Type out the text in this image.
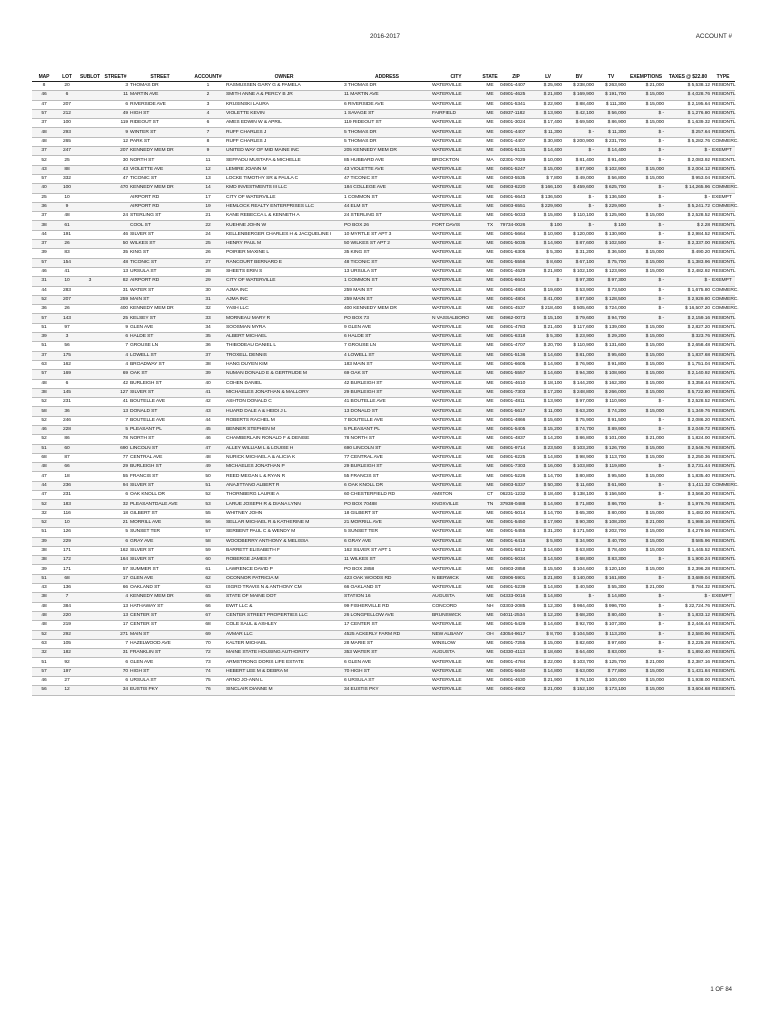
2016-2017	ACCOUNT #
MAP	LOT	SUBLOT	STREET#	STREET	ACCOUNT#	OWNER	ADDRESS	CITY	STATE	ZIP	LV	BV	TV	EXEMPTIONS	TAXES @ $22.80	TYPE
8	20		3	THOMAS DR	1	RASMUSSEN GARY G & PAMELA	3 THOMAS DR	WATERVILLE	ME	04901-4407	$ 25,900	$ 238,000	$ 263,900	$ 21,000	$ 5,538.12	RESIDNTL
46	6		11	MARTIN AVE	2	SMITH ANNE A & PERCY B JR	11 MARTIN AVE	WATERVILLE	ME	04901-4625	$ 21,800	$ 169,900	$ 191,700	$ 15,000	$ 4,028.76	RESIDNTL
47	207		6	RIVERSIDE AVE	3	KRUSINSKI LAURA	6 RIVERSIDE AVE	WATERVILLE	ME	04901-5341	$ 22,900	$ 88,400	$ 111,300	$ 15,000	$ 2,195.64	RESIDNTL
57	212		49	HIGH ST	4	VIOLETTE KEVIN	1 SAVAGE ST	FAIRFIELD	ME	04937-1182	$ 13,900	$ 42,100	$ 56,000	$ -	$ 1,276.80	RESIDNTL
37	100		119	RIDEOUT ST	6	AMES EDWIN W & APRIL	119 RIDEOUT ST	WATERVILLE	ME	04901-3024	$ 17,400	$ 69,500	$ 86,900	$ 15,000	$ 1,639.32	RESIDNTL
48	293		9	WINTER ST	7	RUFF CHARLES J	5 THOMAS DR	WATERVILLE	ME	04901-4407	$ 11,300	$ -	$ 11,300	$ -	$ 257.64	RESIDNTL
48	265		12	PARK ST	8	RUFF CHARLES J	5 THOMAS DR	WATERVILLE	ME	04901-4407	$ 30,800	$ 200,900	$ 231,700	$ -	$ 5,282.76	COMMERC.
37	247		207	KENNEDY MEM DR	9	UNITED WAY OF MID MAINE INC	205 KENNEDY MEM DR	WATERVILLE	ME	04901-5131	$ 14,400	$ -	$ 14,400	$ -	$ -	EXEMPT
52	25		30	NORTH ST	11	SEFFADU MUSTAFA & MICHELLE	85 HUBBARD AVE	BROCKTON	MA	02301-7029	$ 10,000	$ 81,400	$ 91,400	$ -	$ 2,083.92	RESIDNTL
43	88		43	VIOLETTE AVE	12	LEMIRE JOANN M	43 VIOLETTE AVE	WATERVILLE	ME	04901-5247	$ 15,000	$ 87,900	$ 102,900	$ 15,000	$ 2,004.12	RESIDNTL
57	332		47	TICONIC ST	13	LOCKE TIMOTHY SR & PAULA C	47 TICONIC ST	WATERVILLE	ME	04903-5535	$ 7,800	$ 49,000	$ 56,800	$ 15,000	$ 953.04	RESIDNTL
40	100		470	KENNEDY MEM DR	14	KMD INVESTMENTS III LLC	184 COLLEGE AVE	WATERVILLE	ME	04903-6220	$ 166,100	$ 459,600	$ 625,700	$ -	$ 14,265.96	COMMERC.
25	10			AIRPORT RD	17	CITY OF WATERVILLE	1 COMMON ST	WATERVILLE	ME	04901-6643	$ 136,500	$ -	$ 136,500	$ -	$ -	EXEMPT
36	9			AIRPORT RD	19	HEMLOCK REALTY ENTERPRISES LLC	44 ELM ST	WATERVILLE	ME	04903-6551	$ 229,900	$ -	$ 229,900	$ -	$ 5,241.72	COMMERC.
37	48		24	STERLING ST	21	KANE REBECCA L & KENNETH A	24 STERLING ST	WATERVILLE	ME	04901-5033	$ 15,800	$ 110,100	$ 125,900	$ 15,000	$ 2,528.52	RESIDNTL
38	61			COOL ST	22	KUEHNE JOHN W	PO BOX 26	FORT DAVIS	TX	79734-0026	$ 100	$ -	$ 100	$ -	$ 2.28	RESIDNTL
44	191		46	SILVER ST	24	KELLENBERGER CHARLES H & JACQUELINE I	10 MYRTLE ST APT 3	WATERVILLE	ME	04901-5664	$ 10,900	$ 120,000	$ 130,900	$ -	$ 2,984.52	RESIDNTL
37	26		50	WILKES ST	25	HENRY PAUL M	50 WILKES ST APT 2	WATERVILLE	ME	04901-5035	$ 14,900	$ 87,600	$ 102,500	$ -	$ 2,337.00	RESIDNTL
39	83		35	KING ST	26	POIRIER MAXINE L	35 KING ST	WATERVILLE	ME	04901-6305	$ 5,300	$ 31,200	$ 36,500	$ 15,000	$ 490.20	RESIDNTL
57	154		48	TICONIC ST	27	RANCOURT BERNARD E	48 TICONIC ST	WATERVILLE	ME	04901-5556	$ 8,600	$ 67,100	$ 75,700	$ 15,000	$ 1,383.96	RESIDNTL
46	41		13	URSULA ST	28	SHEETS ERIN S	13 URSULA ST	WATERVILLE	ME	04901-4629	$ 21,800	$ 102,100	$ 123,900	$ 15,000	$ 2,482.92	RESIDNTL
31	10	3	82	AIRPORT RD	29	CITY OF WATERVILLE	1 COMMON ST	WATERVILLE	ME	04901-6643	$ -	$ 97,300	$ 97,300	$ -	$ -	EXEMPT
44	283		31	WATER ST	30	AJMA INC	259 MAIN ST	WATERVILLE	ME	04901-4804	$ 19,600	$ 53,900	$ 73,500	$ -	$ 1,675.80	COMMERC.
52	207		259	MAIN ST	31	AJMA INC	259 MAIN ST	WATERVILLE	ME	04901-4804	$ 41,000	$ 87,500	$ 128,500	$ -	$ 2,929.80	COMMERC.
36	26		400	KENNEDY MEM DR	32	YASH LLC	400 KENNEDY MEM DR	WATERVILLE	ME	04901-4537	$ 218,400	$ 505,600	$ 724,000	$ -	$ 16,507.20	COMMERC.
57	143		25	KELSEY ST	33	MORNEAU MARY R	PO BOX 73	N VASSALBORO	ME	04962-0073	$ 15,100	$ 79,600	$ 94,700	$ -	$ 2,159.16	RESIDNTL
51	97		9	GLEN AVE	34	SOOSMAN MYRA	9 GLEN AVE	WATERVILLE	ME	04901-4783	$ 21,400	$ 117,600	$ 139,000	$ 15,000	$ 2,827.20	RESIDNTL
39	3		6	HALDE ST	35	ALBERT MICHAEL	6 HALDE ST	WATERVILLE	ME	04901-6318	$ 5,300	$ 23,900	$ 29,200	$ 15,000	$ 323.76	RESIDNTL
51	56		7	GROUSE LN	36	THIBODEAU DANIEL L	7 GROUSE LN	WATERVILLE	ME	04901-4707	$ 20,700	$ 110,900	$ 131,600	$ 15,000	$ 2,658.48	RESIDNTL
37	175		4	LOWELL ST	37	TROXELL DENNIS	4 LOWELL ST	WATERVILLE	ME	04901-5136	$ 14,600	$ 81,000	$ 95,600	$ 15,000	$ 1,837.68	RESIDNTL
63	162		4	BROADWAY ST	38	HANG DUYEN KIM	183 MAIN ST	WATERVILLE	ME	04901-6605	$ 14,900	$ 76,900	$ 91,800	$ 15,000	$ 1,751.04	RESIDNTL
57	169		69	OAK ST	39	NUMAN DONALD E & GERTRUDE M	69 OAK ST	WATERVILLE	ME	04901-5557	$ 14,600	$ 94,300	$ 108,900	$ 15,000	$ 2,140.92	RESIDNTL
48	6		42	BURLEIGH ST	40	COHEN DANIEL	42 BURLEIGH ST	WATERVILLE	ME	04901-4610	$ 18,100	$ 144,200	$ 162,300	$ 15,000	$ 3,358.44	RESIDNTL
38	145		127	SILVER ST	41	MICHAELES JONATHAN & MALLORY	29 BURLEIGH ST	WATERVILLE	ME	04901-7303	$ 17,200	$ 248,800	$ 266,000	$ 15,000	$ 5,722.80	RESIDNTL
52	231		41	BOUTELLE AVE	42	ASHTON DONALD C	41 BOUTELLE AVE	WATERVILLE	ME	04901-4811	$ 13,900	$ 97,000	$ 110,900	$ -	$ 2,528.52	RESIDNTL
58	36		13	DONALD ST	43	HUARD DALE A & HEIDI J L	13 DONALD ST	WATERVILLE	ME	04901-5617	$ 11,000	$ 63,200	$ 74,200	$ 15,000	$ 1,349.76	RESIDNTL
52	246		7	BOUTELLE AVE	44	ROBERTS RACHEL M	7 BOUTELLE AVE	WATERVILLE	ME	04901-4866	$ 15,600	$ 75,900	$ 91,500	$ -	$ 2,086.20	RESIDNTL
46	228		5	PLEASANT PL	45	BENNER STEPHEN M	5 PLEASANT PL	WATERVILLE	ME	04901-5405	$ 15,200	$ 74,700	$ 89,900	$ -	$ 2,049.72	RESIDNTL
52	86		78	NORTH ST	46	CHAMBERLAIN RONALD F & DENISE	78 NORTH ST	WATERVILLE	ME	04901-4837	$ 14,200	$ 86,800	$ 101,000	$ 21,000	$ 1,824.00	RESIDNTL
51	60		690	LINCOLN ST	47	ALLEY WILLIAM L & LOUISE H	690 LINCOLN ST	WATERVILLE	ME	04901-9714	$ 23,500	$ 103,200	$ 126,700	$ 15,000	$ 2,546.76	RESIDNTL
68	87		77	CENTRAL AVE	48	NURICK MICHAEL A & ALICIA K	77 CENTRAL AVE	WATERVILLE	ME	04901-6225	$ 14,800	$ 98,900	$ 113,700	$ 15,000	$ 2,250.36	RESIDNTL
48	66		29	BURLEIGH ST	49	MICHAELES JONATHAN P	29 BURLEIGH ST	WATERVILLE	ME	04901-7303	$ 16,000	$ 103,800	$ 119,800	$ -	$ 2,731.44	RESIDNTL
47	18		55	FRANCIS ST	50	REED MEGAN L & RYAN R	55 FRANCIS ST	WATERVILLE	ME	04901-5226	$ 14,700	$ 80,800	$ 95,500	$ 15,000	$ 1,835.40	RESIDNTL
44	236		94	SILVER ST	51	ANAJITTANO ALBERT R	6 OAK KNOLL DR	WATERVILLE	ME	04903-5337	$ 50,300	$ 11,600	$ 61,900	$ -	$ 1,411.32	COMMERC.
47	231		6	OAK KNOLL DR	52	THORNBERG LAURIE A	60 CHESTERFIELD RD	AMSTON	CT	06231-1232	$ 18,400	$ 138,100	$ 156,500	$ -	$ 3,568.20	RESIDNTL
52	183		32	PLEASANTDALE AVE	53	LARUE JOSEPH R & DIANA LYNN	PO BOX 70488	KNOXVILLE	TN	37938-0488	$ 14,900	$ 71,800	$ 86,700	$ -	$ 1,976.76	RESIDNTL
32	116		18	GILBERT ST	55	WHITNEY JOHN	18 GILBERT ST	WATERVILLE	ME	04901-5014	$ 14,700	$ 65,300	$ 80,000	$ 15,000	$ 1,482.00	RESIDNTL
52	10		21	MORRILL AVE	56	SELLAR MICHAEL R & KATHERINE M	21 MORRILL AVE	WATERVILLE	ME	04901-5450	$ 17,900	$ 90,300	$ 108,200	$ 21,000	$ 1,988.16	RESIDNTL
51	126		5	SUNSET TER	57	SERBENT PAUL C & WENDY M	5 SUNSET TER	WATERVILLE	ME	04901-5455	$ 31,200	$ 171,500	$ 202,700	$ 15,000	$ 4,279.56	RESIDNTL
39	229		6	GRAY AVE	58	WOODBERRY ANTHONY & MELISSA	6 GRAY AVE	WATERVILLE	ME	04901-6416	$ 5,800	$ 34,900	$ 40,700	$ 15,000	$ 585.96	RESIDNTL
38	171		162	SILVER ST	59	BARRETT ELISABETH F	162 SILVER ST APT 1	WATERVILLE	ME	04901-5812	$ 14,600	$ 63,800	$ 78,400	$ 15,000	$ 1,445.52	RESIDNTL
38	172		164	SILVER ST	60	ROBERGE JAMES F	11 WILKES ST	WATERVILLE	ME	04901-5034	$ 14,500	$ 68,800	$ 83,300	$ -	$ 1,900.24	RESIDNTL
39	171		57	SUMMER ST	61	LAWRENCE DAVID P	PO BOX 2858	WATERVILLE	ME	04903-2858	$ 15,500	$ 104,600	$ 120,100	$ 15,000	$ 2,396.28	RESIDNTL
51	68		17	GLEN AVE	62	OCONNOR PATRICIA M	423 OAK WOODS RD	N BERWICK	ME	03906-5901	$ 21,800	$ 140,000	$ 161,800	$ -	$ 3,689.04	RESIDNTL
43	136		66	OAKLAND ST	63	ISGRO TRAVIS N & ANTHONY CM	66 OAKLAND ST	WATERVILLE	ME	04901-5239	$ 14,800	$ 40,500	$ 55,300	$ 21,000	$ 784.32	RESIDNTL
38	7		4	KENNEDY MEM DR	65	STATE OF MAINE DOT	STATION 16	AUGUSTA	ME	04333-0016	$ 14,800	$ -	$ 14,800	$ -	$ -	EXEMPT
48	384		13	HATHAWAY ST	66	EWIT LLC &	99 FISHERVILLE RD	CONCORD	NH	03303-2085	$ 12,300	$ 984,400	$ 996,700	$ -	$ 22,724.76	RESIDNTL
48	220		13	CENTER ST	67	CENTER STREET PROPERTIES LLC	26 LONGFELLOW AVE	BRUNSWICK	ME	04011-2534	$ 12,200	$ 68,200	$ 80,400	$ -	$ 1,833.12	RESIDNTL
48	219		17	CENTER ST	68	COLE SAUL & ASHLEY	17 CENTER ST	WATERVILLE	ME	04901-5429	$ 14,600	$ 92,700	$ 107,300	$ -	$ 2,446.44	RESIDNTL
52	292		271	MAIN ST	69	AVMAR LLC	4525 ACKERLY FARM RD	NEW ALBANY	OH	43054-9617	$ 8,700	$ 104,500	$ 113,200	$ -	$ 2,580.96	RESIDNTL
63	105		7	HAZELWOOD AVE	70	KALTER MICHAEL	28 MARIE ST	WINSLOW	ME	04901-7255	$ 15,000	$ 82,600	$ 97,600	$ -	$ 2,225.28	RESIDNTL
32	182		31	FRANKLIN ST	72	MAINE STATE HOUSING AUTHORITY	353 WATER ST	AUGUSTA	ME	04330-4113	$ 18,600	$ 64,400	$ 83,000	$ -	$ 1,892.40	RESIDNTL
51	92		6	GLEN AVE	73	ARMSTRONG DORIS LIFE ESTATE	6 GLEN AVE	WATERVILLE	ME	04901-4784	$ 22,000	$ 103,700	$ 125,700	$ 21,000	$ 2,387.16	RESIDNTL
57	197		70	HIGH ST	74	HEBERT LEE M & DEBRA M	70 HIGH ST	WATERVILLE	ME	04901-5640	$ 14,800	$ 63,000	$ 77,800	$ 15,000	$ 1,431.84	RESIDNTL
46	27		6	URSULA ST	75	ARNO JO-ANN L	6 URSULA ST	WATERVILLE	ME	04901-4630	$ 21,900	$ 78,100	$ 100,000	$ 15,000	$ 1,938.00	RESIDNTL
56	12		34	EUSTIS PKY	76	SINCLAIR DIANNE M	34 EUSTIS PKY	WATERVILLE	ME	04901-4902	$ 21,000	$ 152,100	$ 173,100	$ 15,000	$ 3,604.68	RESIDNTL
1 OF 84
